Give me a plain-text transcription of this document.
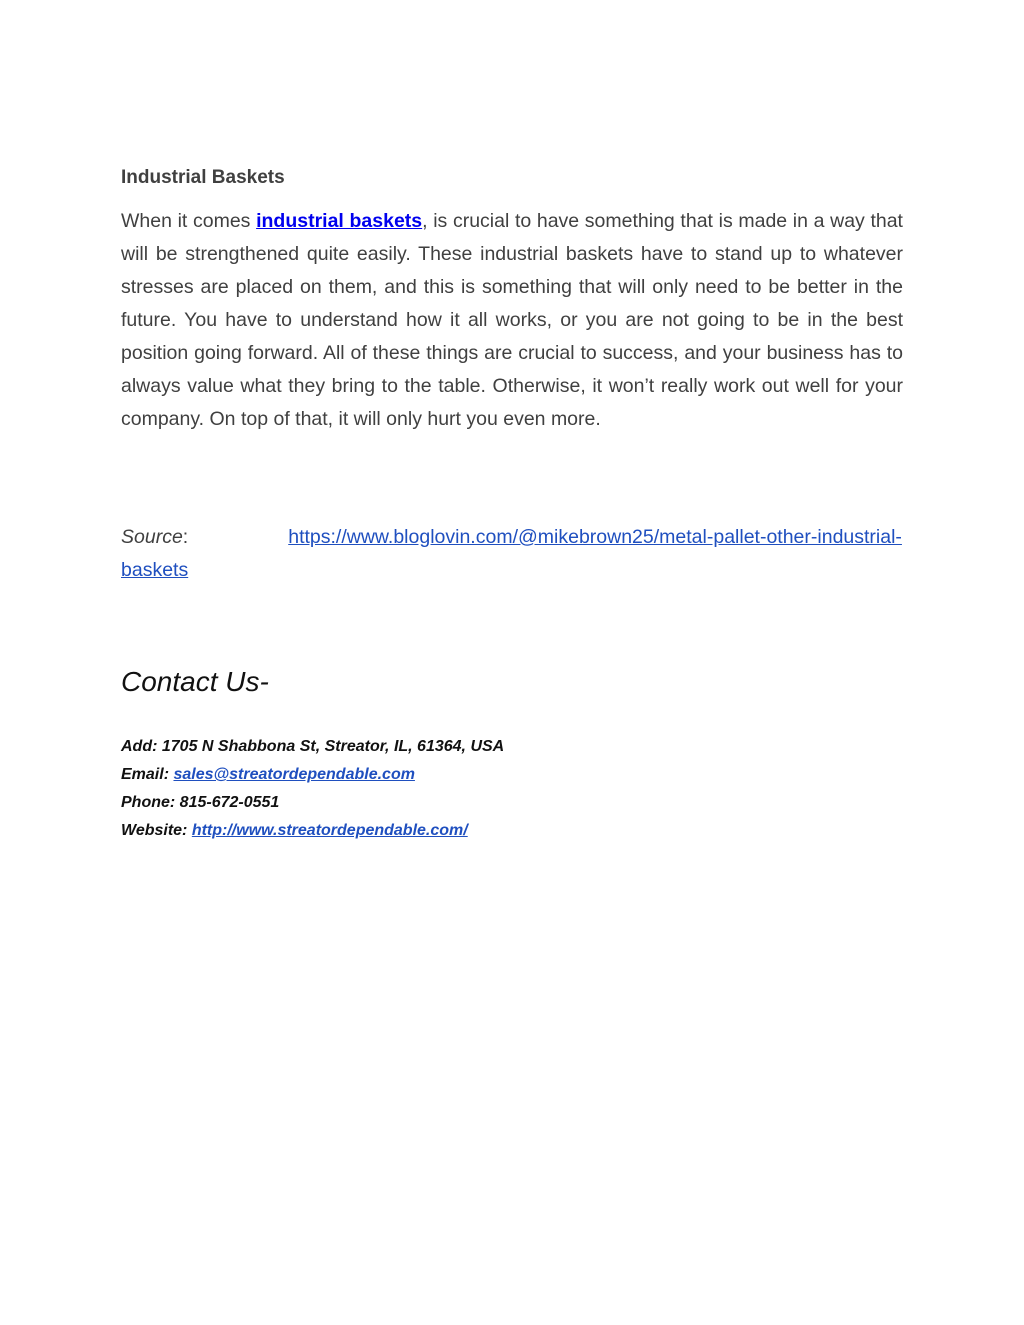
Industrial Baskets
When it comes industrial baskets, is crucial to have something that is made in a way that will be strengthened quite easily. These industrial baskets have to stand up to whatever stresses are placed on them, and this is something that will only need to be better in the future. You have to understand how it all works, or you are not going to be in the best position going forward. All of these things are crucial to success, and your business has to always value what they bring to the table. Otherwise, it won’t really work out well for your company. On top of that, it will only hurt you even more.
Source:	https://www.bloglovin.com/@mikebrown25/metal-pallet-other-industrial-baskets
Contact Us-
Add: 1705 N Shabbona St, Streator, IL, 61364, USA
Email: sales@streatordependable.com
Phone: 815-672-0551
Website: http://www.streatordependable.com/
